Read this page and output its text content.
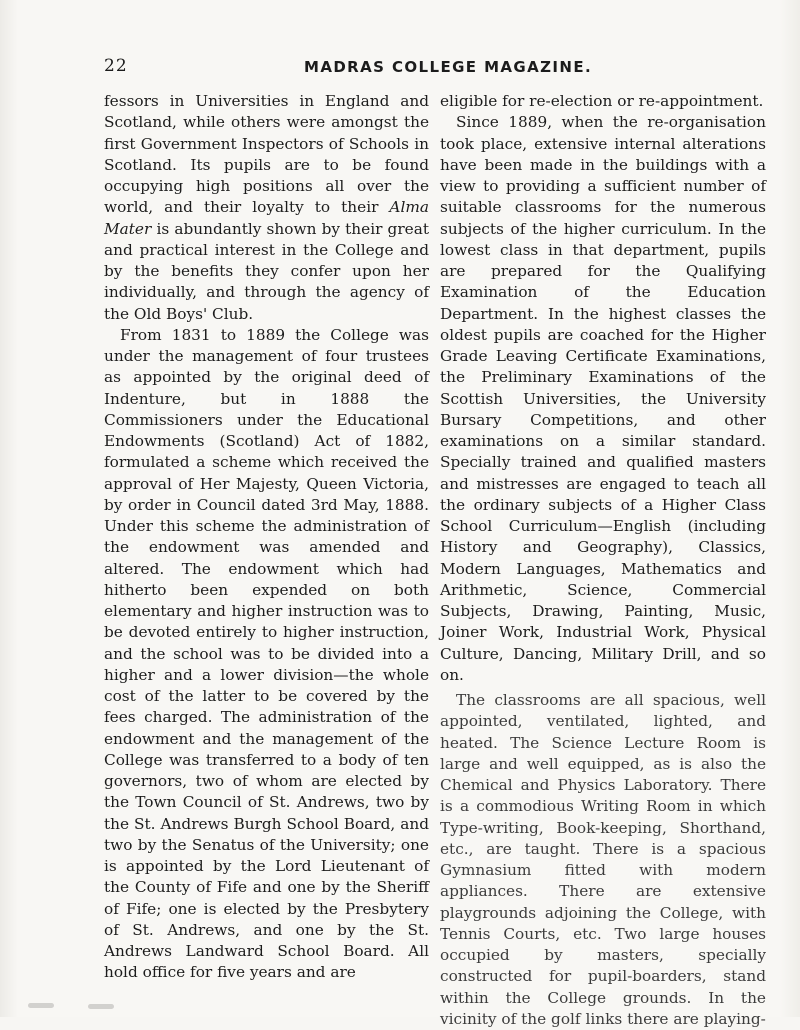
22	MADRAS COLLEGE MAGAZINE.

fessors in Universities in England and Scotland, while others were amongst the first Government Inspectors of Schools in Scotland. Its pupils are to be found occupying high positions all over the world, and their loyalty to their Alma Mater is abundantly shown by their great and practical interest in the College and by the benefits they confer upon her individually, and through the agency of the Old Boys' Club.

From 1831 to 1889 the College was under the management of four trustees as appointed by the original deed of Indenture, but in 1888 the Commissioners under the Educational Endowments (Scotland) Act of 1882, formulated a scheme which received the approval of Her Majesty, Queen Victoria, by order in Council dated 3rd May, 1888. Under this scheme the administration of the endowment was amended and altered. The endowment which had hitherto been expended on both elementary and higher instruction was to be devoted entirely to higher instruction, and the school was to be divided into a higher and a lower division—the whole cost of the latter to be covered by the fees charged. The administration of the endowment and the management of the College was transferred to a body of ten governors, two of whom are elected by the Town Council of St. Andrews, two by the St. Andrews Burgh School Board, and two by the Senatus of the University; one is appointed by the Lord Lieutenant of the County of Fife and one by the Sheriff of Fife; one is elected by the Presbytery of St. Andrews, and one by the St. Andrews Landward School Board. All hold office for five years and are

eligible for re-election or re-appointment.

Since 1889, when the re-organisation took place, extensive internal alterations have been made in the buildings with a view to providing a sufficient number of suitable classrooms for the numerous subjects of the higher curriculum. In the lowest class in that department, pupils are prepared for the Qualifying Examination of the Education Department. In the highest classes the oldest pupils are coached for the Higher Grade Leaving Certificate Examinations, the Preliminary Examinations of the Scottish Universities, the University Bursary Competitions, and other examinations on a similar standard. Specially trained and qualified masters and mistresses are engaged to teach all the ordinary subjects of a Higher Class School Curriculum—English (including History and Geography), Classics, Modern Languages, Mathematics and Arithmetic, Science, Commercial Subjects, Drawing, Painting, Music, Joiner Work, Industrial Work, Physical Culture, Dancing, Military Drill, and so on.

The classrooms are all spacious, well appointed, ventilated, lighted, and heated. The Science Lecture Room is large and well equipped, as is also the Chemical and Physics Laboratory. There is a commodious Writing Room in which Type-writing, Book-keeping, Shorthand, etc., are taught. There is a spacious Gymnasium fitted with modern appliances. There are extensive playgrounds adjoining the College, with Tennis Courts, etc. Two large houses occupied by masters, specially constructed for pupil-boarders, stand within the College grounds. In the vicinity of the golf links there are playing-
